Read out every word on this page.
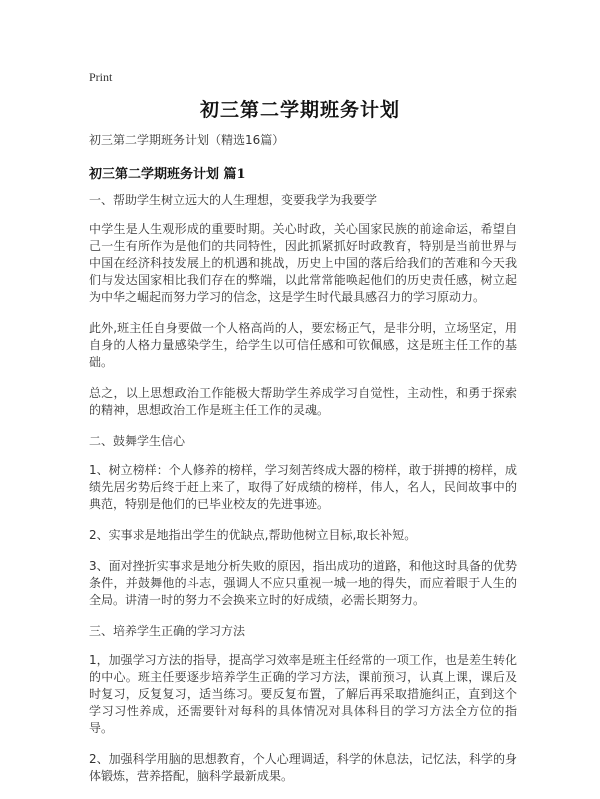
Print
初三第二学期班务计划
初三第二学期班务计划（精选16篇）
初三第二学期班务计划 篇1
一、帮助学生树立远大的人生理想，变要我学为我要学

中学生是人生观形成的重要时期。关心时政，关心国家民族的前途命运，希望自己一生有所作为是他们的共同特性，因此抓紧抓好时政教育，特别是当前世界与中国在经济科技发展上的机遇和挑战，历史上中国的落后给我们的苦难和今天我们与发达国家相比我们存在的弊端，以此常常能唤起他们的历史责任感，树立起为中华之崛起而努力学习的信念，这是学生时代最具感召力的学习原动力。

此外,班主任自身要做一个人格高尚的人，要宏杨正气，是非分明，立场坚定，用自身的人格力量感染学生，给学生以可信任感和可钦佩感，这是班主任工作的基础。

总之，以上思想政治工作能极大帮助学生养成学习自觉性，主动性，和勇于探索的精神，思想政治工作是班主任工作的灵魂。

二、鼓舞学生信心

1、树立榜样：个人修养的榜样，学习刻苦终成大器的榜样，敢于拼搏的榜样，成绩先居劣势后终于赶上来了，取得了好成绩的榜样，伟人，名人，民间故事中的典范，特别是他们的已毕业校友的先进事迹。

2、实事求是地指出学生的优缺点,帮助他树立目标,取长补短。

3、面对挫折实事求是地分析失败的原因，指出成功的道路，和他这时具备的优势条件，并鼓舞他的斗志，强调人不应只重视一城一地的得失，而应着眼于人生的全局。讲清一时的努力不会换来立时的好成绩，必需长期努力。

三、培养学生正确的学习方法

1，加强学习方法的指导，提高学习效率是班主任经常的一项工作，也是差生转化的中心。班主任要逐步培养学生正确的学习方法，课前预习，认真上课，课后及时复习，反复复习，适当练习。要反复布置，了解后再采取措施纠正，直到这个学习习性养成，还需要针对每科的具体情况对具体科目的学习方法全方位的指导。

2、加强科学用脑的思想教育，个人心理调适，科学的休息法，记忆法，科学的身体锻炼，营养搭配，脑科学最新成果。
